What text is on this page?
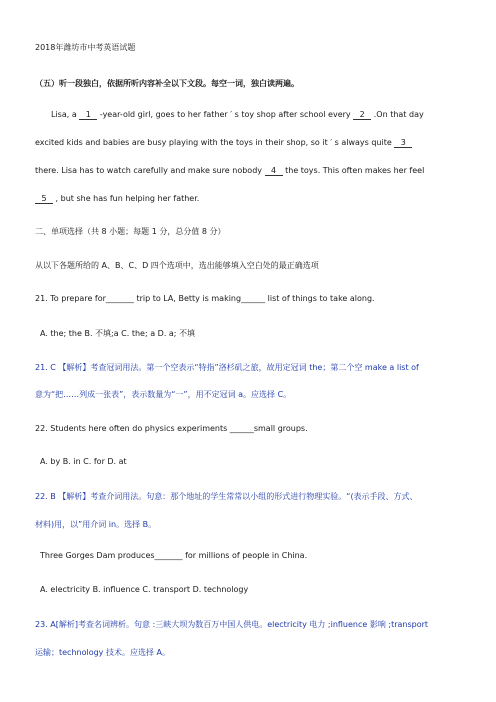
2018年潍坊市中考英语试题
（五）听一段独白，依据所听内容补全以下文段。每空一词，独白读两遍。
Lisa, a 1 -year-old girl, goes to her father ′ s toy shop after school every 2 .On that day
excited kids and babies are busy playing with the toys in their shop, so it ′ s always quite 3
there. Lisa has to watch carefully and make sure nobody 4 the toys. This often makes her feel
5 , but she has fun helping her father.
二、单项选择（共 8 小题；每题 1 分，总分值 8 分）
从以下各题所给的 A、B、C、D 四个选项中，选出能够填入空白处的最正确选项
21. To prepare for_______ trip to LA, Betty is making______ list of things to take along.
A. the; the B. 不填;a C. the; a D. a; 不填
21. C 【解析】考查冠词用法。第一个空表示“特指”洛杉矶之旅，故用定冠词 the；第二个空 make a list of
意为“把……列成一张表”，表示数量为“一”，用不定冠词 a。应选择 C。
22. Students here often do physics experiments ______small groups.
A. by B. in C. for D. at
22. B 【解析】考查介词用法。句意：那个地址的学生常常以小组的形式进行物理实验。“(表示手段、方式、
材料)用，以”用介词 in。选择 B。
Three Gorges Dam produces_______ for millions of people in China.
A. electricity B. influence C. transport D. technology
23. A[解析]考查名词辨析。句意 :三峡大坝为数百万中国人供电。electricity 电力 ;influence 影响 ;transport
运输；technology 技术。应选择 A。
